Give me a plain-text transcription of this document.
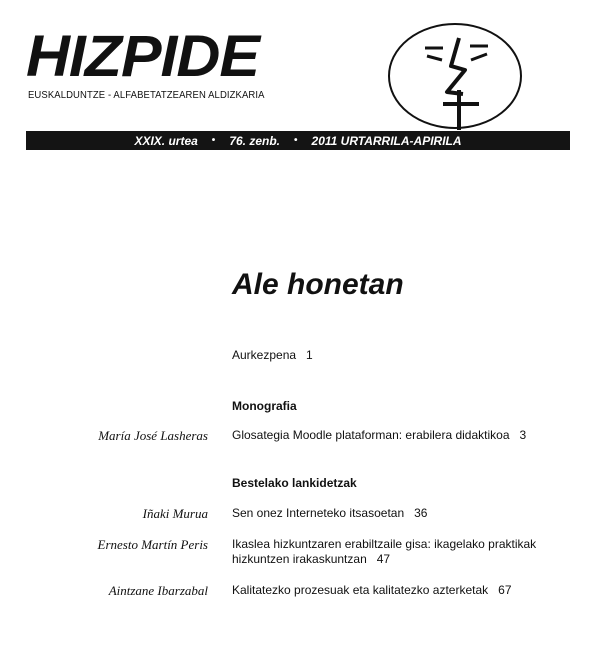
HIZPIDE
EUSKALDUNTZE - ALFABETATZEAREN ALDIZKARIA
XXIX. urtea • 76. zenb. • 2011 URTARRILA-APIRILA
Ale honetan
Aurkezpena 1
Monografia
María José Lasheras Glosategia Moodle plataforman: erabilera didaktikoa 3
Bestelako lankidetzak
Iñaki Murua Sen onez Interneteko itsasoetan 36
Ernesto Martín Peris Ikaslea hizkuntzaren erabiltzaile gisa: ikagelako praktikak hizkuntzen irakaskuntzan 47
Aintzane Ibarzabal Kalitatezko prozesuak eta kalitatezko azterketak 67
